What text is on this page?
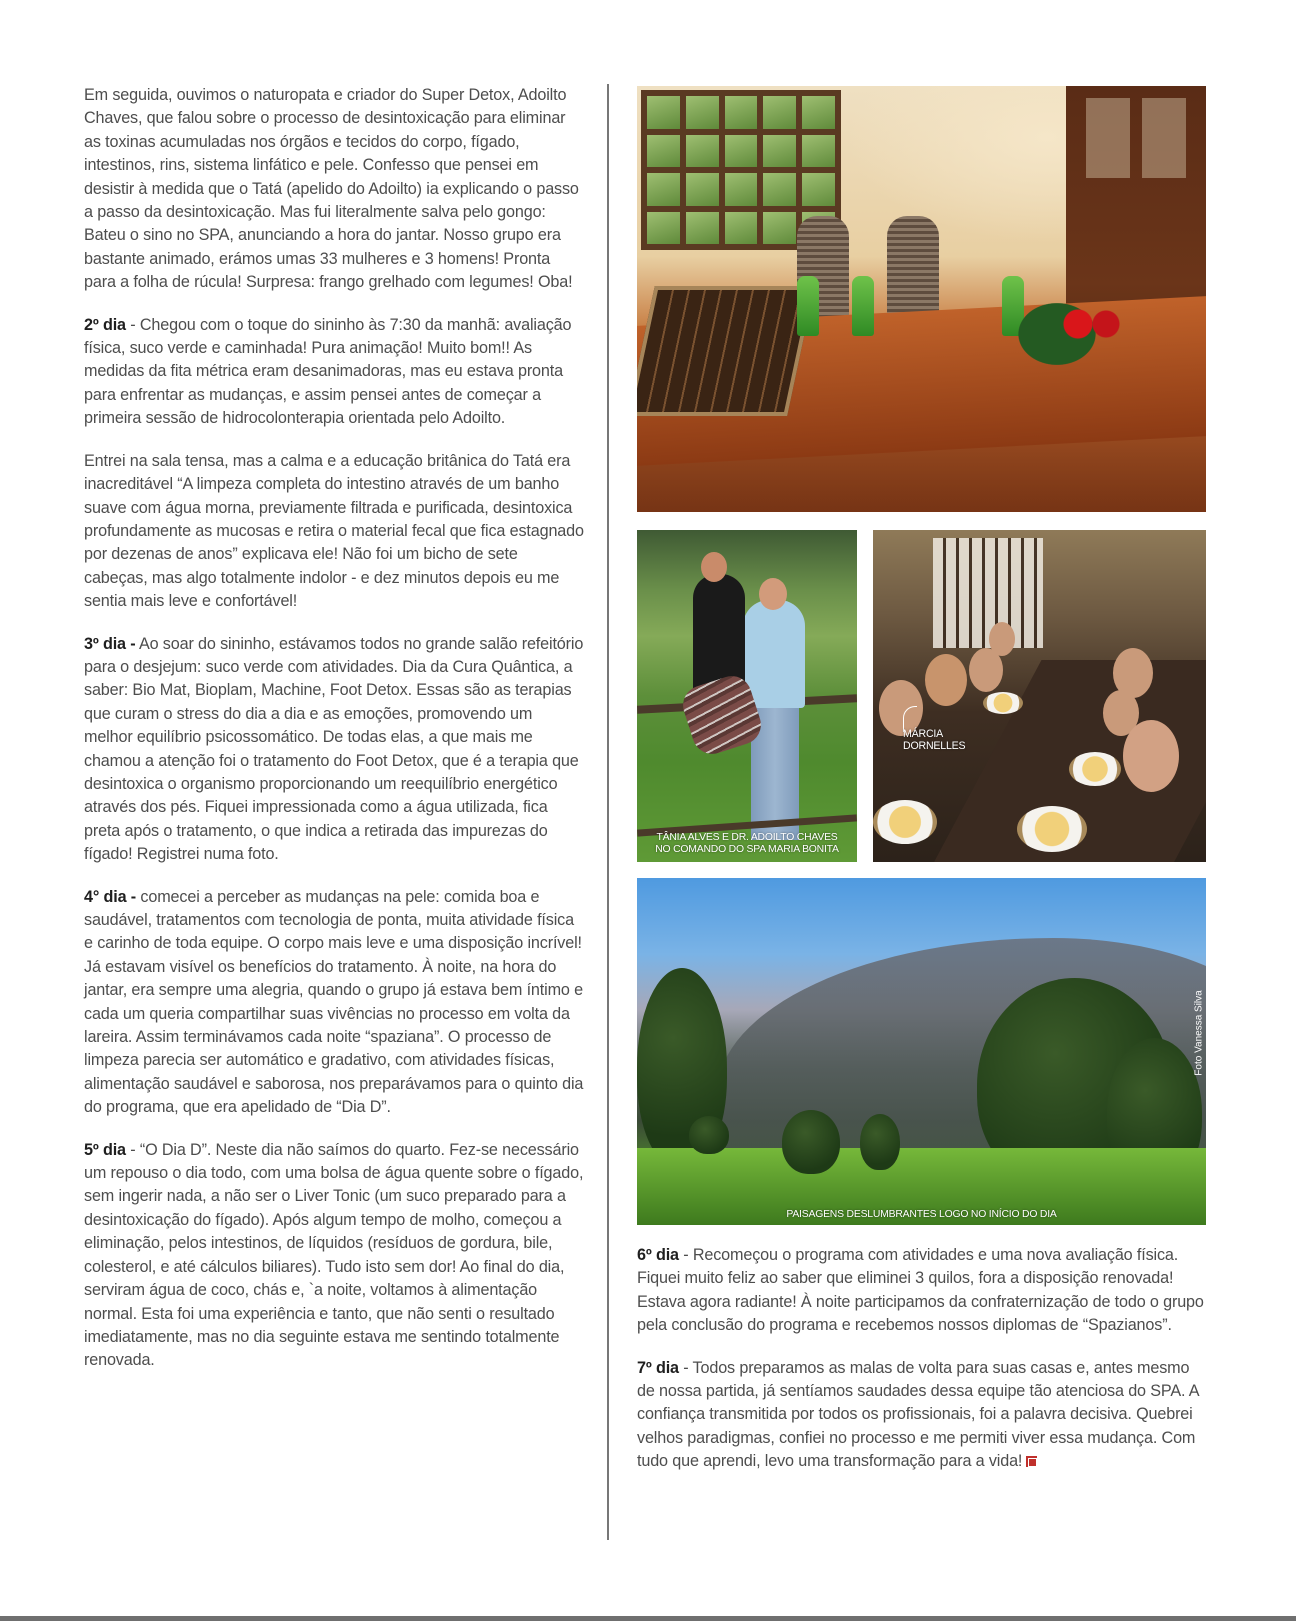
Em seguida, ouvimos o naturopata e criador do Super Detox, Adoilto Chaves, que falou sobre o processo de desintoxicação para eliminar as toxinas acumuladas nos órgãos e tecidos do corpo, fígado, intestinos, rins, sistema linfático e pele. Confesso que pensei em desistir à medida que o Tatá (apelido do Adoilto) ia explicando o passo a passo da desintoxicação. Mas fui literalmente salva pelo gongo: Bateu o sino no SPA, anunciando a hora do jantar. Nosso grupo era bastante animado, erámos umas 33 mulheres e 3 homens! Pronta para a folha de rúcula! Surpresa: frango grelhado com legumes! Oba!

2º dia - Chegou com o toque do sininho às 7:30 da manhã: avaliação física, suco verde e caminhada! Pura animação! Muito bom!! As medidas da fita métrica eram desanimadoras, mas eu estava pronta para enfrentar as mudanças, e assim pensei antes de começar a primeira sessão de hidrocolonterapia orientada pelo Adoilto.

Entrei na sala tensa, mas a calma e a educação britânica do Tatá era inacreditável “A limpeza completa do intestino através de um banho suave com água morna, previamente filtrada e purificada, desintoxica profundamente as mucosas e retira o material fecal que fica estagnado por dezenas de anos” explicava ele! Não foi um bicho de sete cabeças, mas algo totalmente indolor - e dez minutos depois eu me sentia mais leve e confortável!

3º dia - Ao soar do sininho, estávamos todos no grande salão refeitório para o desjejum: suco verde com atividades. Dia da Cura Quântica, a saber: Bio Mat, Bioplam, Machine, Foot Detox. Essas são as terapias que curam o stress do dia a dia e as emoções, promovendo um melhor equilíbrio psicossomático. De todas elas, a que mais me chamou a atenção foi o tratamento do Foot Detox, que é a terapia que desintoxica o organismo proporcionando um reequilíbrio energético através dos pés. Fiquei impressionada como a água utilizada, fica preta após o tratamento, o que indica a retirada das impurezas do fígado! Registrei numa foto.

4° dia - comecei a perceber as mudanças na pele: comida boa e saudável, tratamentos com tecnologia de ponta, muita atividade física e carinho de toda equipe. O corpo mais leve e uma disposição incrível! Já estavam visível os benefícios do tratamento. À noite, na hora do jantar, era sempre uma alegria, quando o grupo já estava bem íntimo e cada um queria compartilhar suas vivências no processo em volta da lareira. Assim terminávamos cada noite “spaziana”. O processo de limpeza parecia ser automático e gradativo, com atividades físicas, alimentação saudável e saborosa, nos preparávamos para o quinto dia do programa, que era apelidado de “Dia D”.

5º dia - “O Dia D”. Neste dia não saímos do quarto. Fez-se necessário um repouso o dia todo, com uma bolsa de água quente sobre o fígado, sem ingerir nada, a não ser o Liver Tonic (um suco preparado para a desintoxicação do fígado). Após algum tempo de molho, começou a eliminação, pelos intestinos, de líquidos (resíduos de gordura, bile, colesterol, e até cálculos biliares). Tudo isto sem dor! Ao final do dia, serviram água de coco, chás e, `a noite, voltamos à alimentação normal. Esta foi uma experiência e tanto, que não senti o resultado imediatamente, mas no dia seguinte estava me sentindo totalmente renovada.

TÂNIA ALVES E DR. ADOILTO CHAVES
NO COMANDO DO SPA MARIA BONITA
MÁRCIA
DORNELLES
Foto Vanessa Silva
PAISAGENS DESLUMBRANTES LOGO NO INÍCIO DO DIA

6º dia - Recomeçou o programa com atividades e uma nova avaliação física. Fiquei muito feliz ao saber que eliminei 3 quilos, fora a disposição renovada! Estava agora radiante! À noite participamos da confraternização de todo o grupo pela conclusão do programa e recebemos nossos diplomas de “Spazianos”.

7º dia - Todos preparamos as malas de volta para suas casas e, antes mesmo de nossa partida, já sentíamos saudades dessa equipe tão atenciosa do SPA. A confiança transmitida por todos os profissionais, foi a palavra decisiva. Quebrei velhos paradigmas, confiei no processo e me permiti viver essa mudança. Com tudo que aprendi, levo uma transformação para a vida!
